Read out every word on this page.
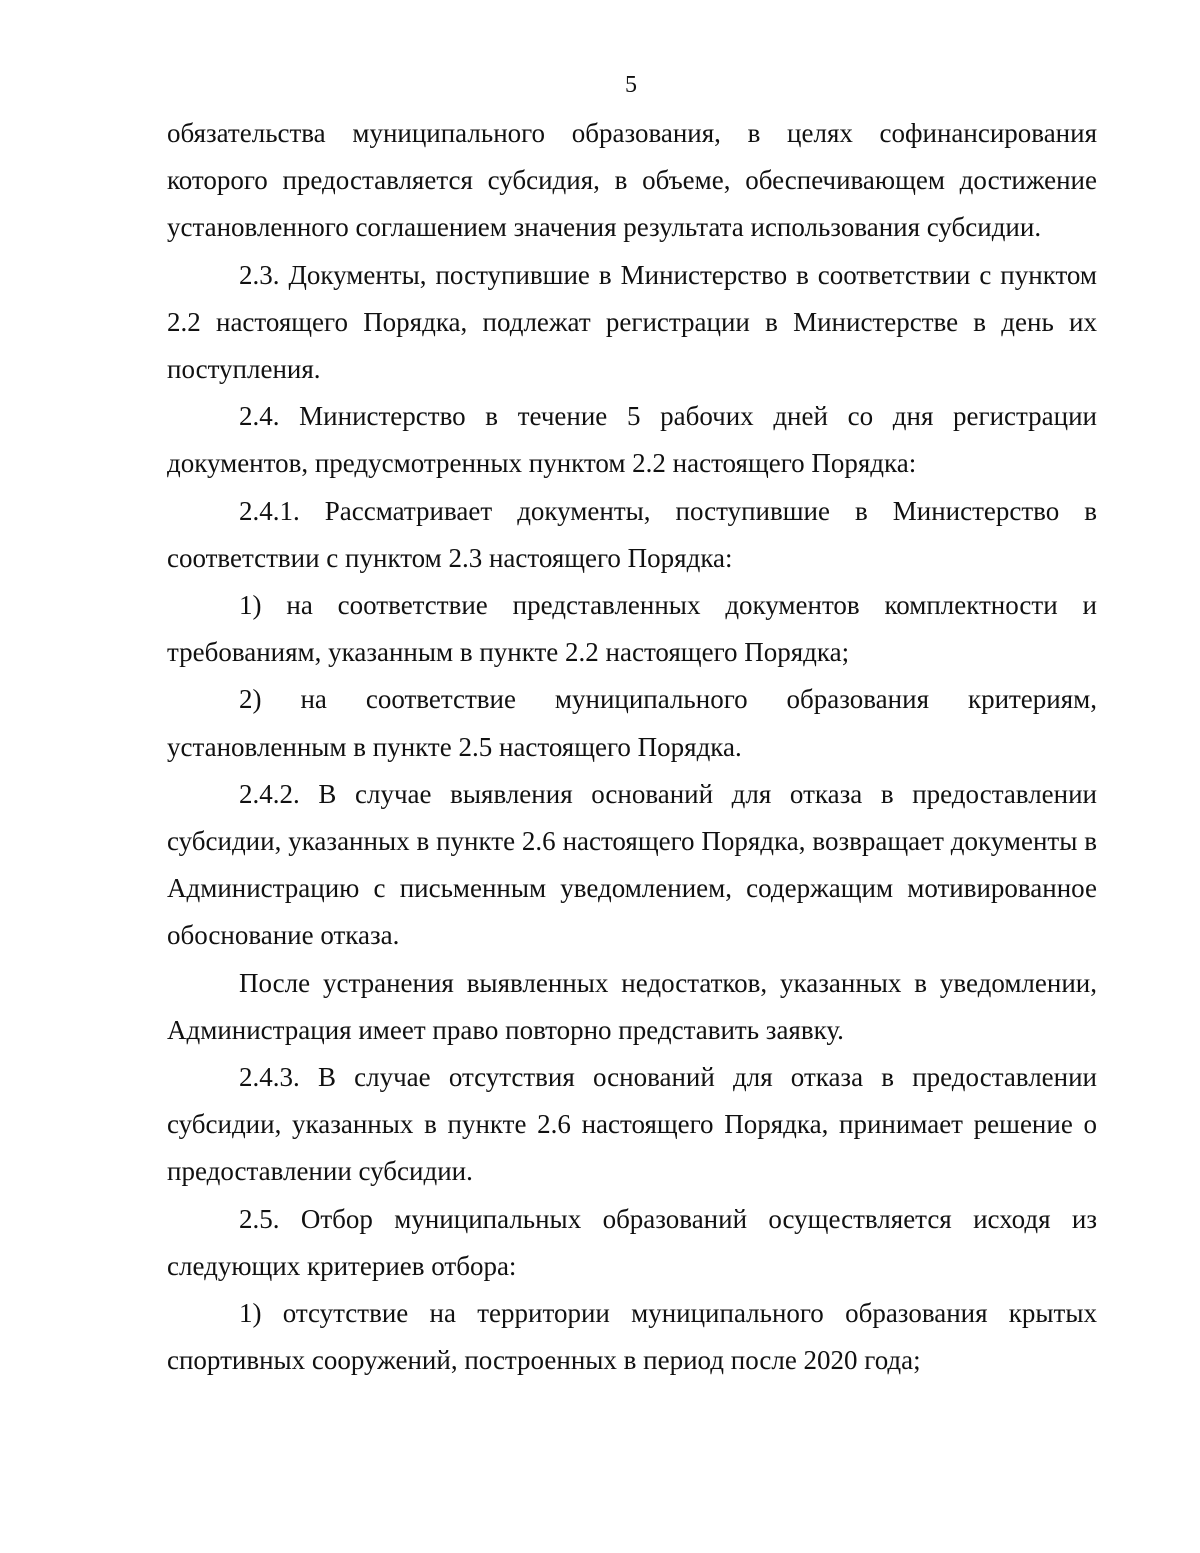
5

обязательства муниципального образования, в целях софинансирования которого предоставляется субсидия, в объеме, обеспечивающем достижение установленного соглашением значения результата использования субсидии.

2.3. Документы, поступившие в Министерство в соответствии с пунктом 2.2 настоящего Порядка, подлежат регистрации в Министерстве в день их поступления.

2.4. Министерство в течение 5 рабочих дней со дня регистрации документов, предусмотренных пунктом 2.2 настоящего Порядка:

2.4.1. Рассматривает документы, поступившие в Министерство в соответствии с пунктом 2.3 настоящего Порядка:

1) на соответствие представленных документов комплектности и требованиям, указанным в пункте 2.2 настоящего Порядка;

2) на соответствие муниципального образования критериям, установленным в пункте 2.5 настоящего Порядка.

2.4.2. В случае выявления оснований для отказа в предоставлении субсидии, указанных в пункте 2.6 настоящего Порядка, возвращает документы в Администрацию с письменным уведомлением, содержащим мотивированное обоснование отказа.

После устранения выявленных недостатков, указанных в уведомлении, Администрация имеет право повторно представить заявку.

2.4.3. В случае отсутствия оснований для отказа в предоставлении субсидии, указанных в пункте 2.6 настоящего Порядка, принимает решение о предоставлении субсидии.

2.5. Отбор муниципальных образований осуществляется исходя из следующих критериев отбора:

1) отсутствие на территории муниципального образования крытых спортивных сооружений, построенных в период после 2020 года;
